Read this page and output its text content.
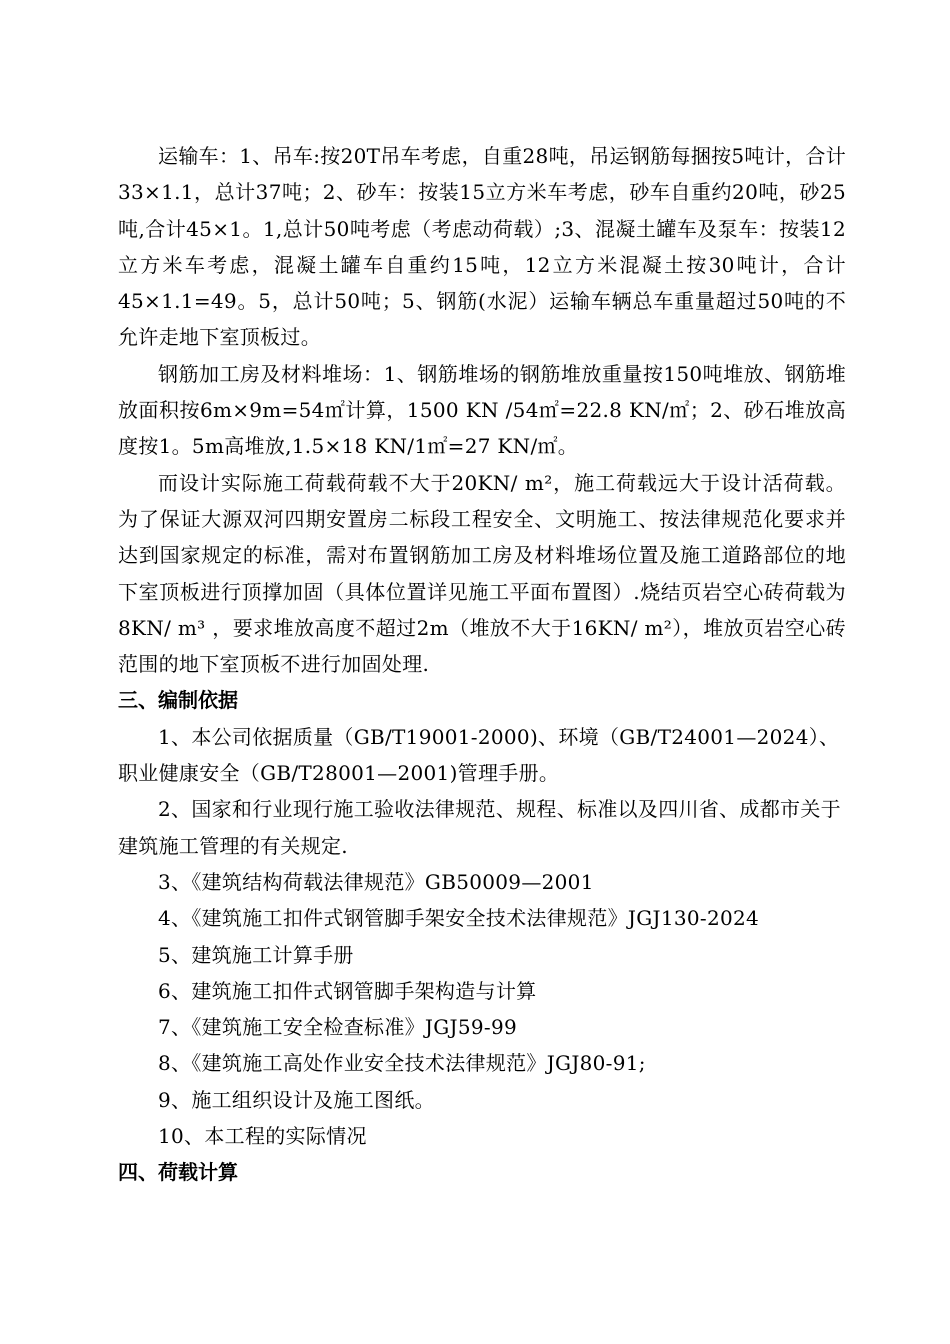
运输车：1、吊车:按20T吊车考虑，自重28吨，吊运钢筋每捆按5吨计，合计33×1.1，总计37吨；2、砂车：按装15立方米车考虑，砂车自重约20吨，砂25吨,合计45×1。1,总计50吨考虑（考虑动荷载）;3、混凝土罐车及泵车：按装12立方米车考虑，混凝土罐车自重约15吨，12立方米混凝土按30吨计，合计45×1.1=49。5，总计50吨；5、钢筋(水泥）运输车辆总车重量超过50吨的不允许走地下室顶板过。

钢筋加工房及材料堆场：1、钢筋堆场的钢筋堆放重量按150吨堆放、钢筋堆放面积按6m×9m=54㎡计算，1500 KN /54㎡=22.8 KN/㎡；2、砂石堆放高度按1。5m高堆放,1.5×18 KN/1㎡=27 KN/㎡。

而设计实际施工荷载荷载不大于20KN/ m²，施工荷载远大于设计活荷载。为了保证大源双河四期安置房二标段工程安全、文明施工、按法律规范化要求并达到国家规定的标准，需对布置钢筋加工房及材料堆场位置及施工道路部位的地下室顶板进行顶撑加固（具体位置详见施工平面布置图）.烧结页岩空心砖荷载为8KN/ m³ ，要求堆放高度不超过2m（堆放不大于16KN/ m²），堆放页岩空心砖范围的地下室顶板不进行加固处理.

三、编制依据

1、本公司依据质量（GB/T19001-2000)、环境（GB/T24001—2024）、职业健康安全（GB/T28001—2001)管理手册。

2、国家和行业现行施工验收法律规范、规程、标准以及四川省、成都市关于建筑施工管理的有关规定.

3、《建筑结构荷载法律规范》GB50009—2001

4、《建筑施工扣件式钢管脚手架安全技术法律规范》JGJ130-2024

5、建筑施工计算手册

6、建筑施工扣件式钢管脚手架构造与计算

7、《建筑施工安全检查标准》JGJ59-99

8、《建筑施工高处作业安全技术法律规范》JGJ80-91;

9、施工组织设计及施工图纸。

10、本工程的实际情况

四、荷载计算
